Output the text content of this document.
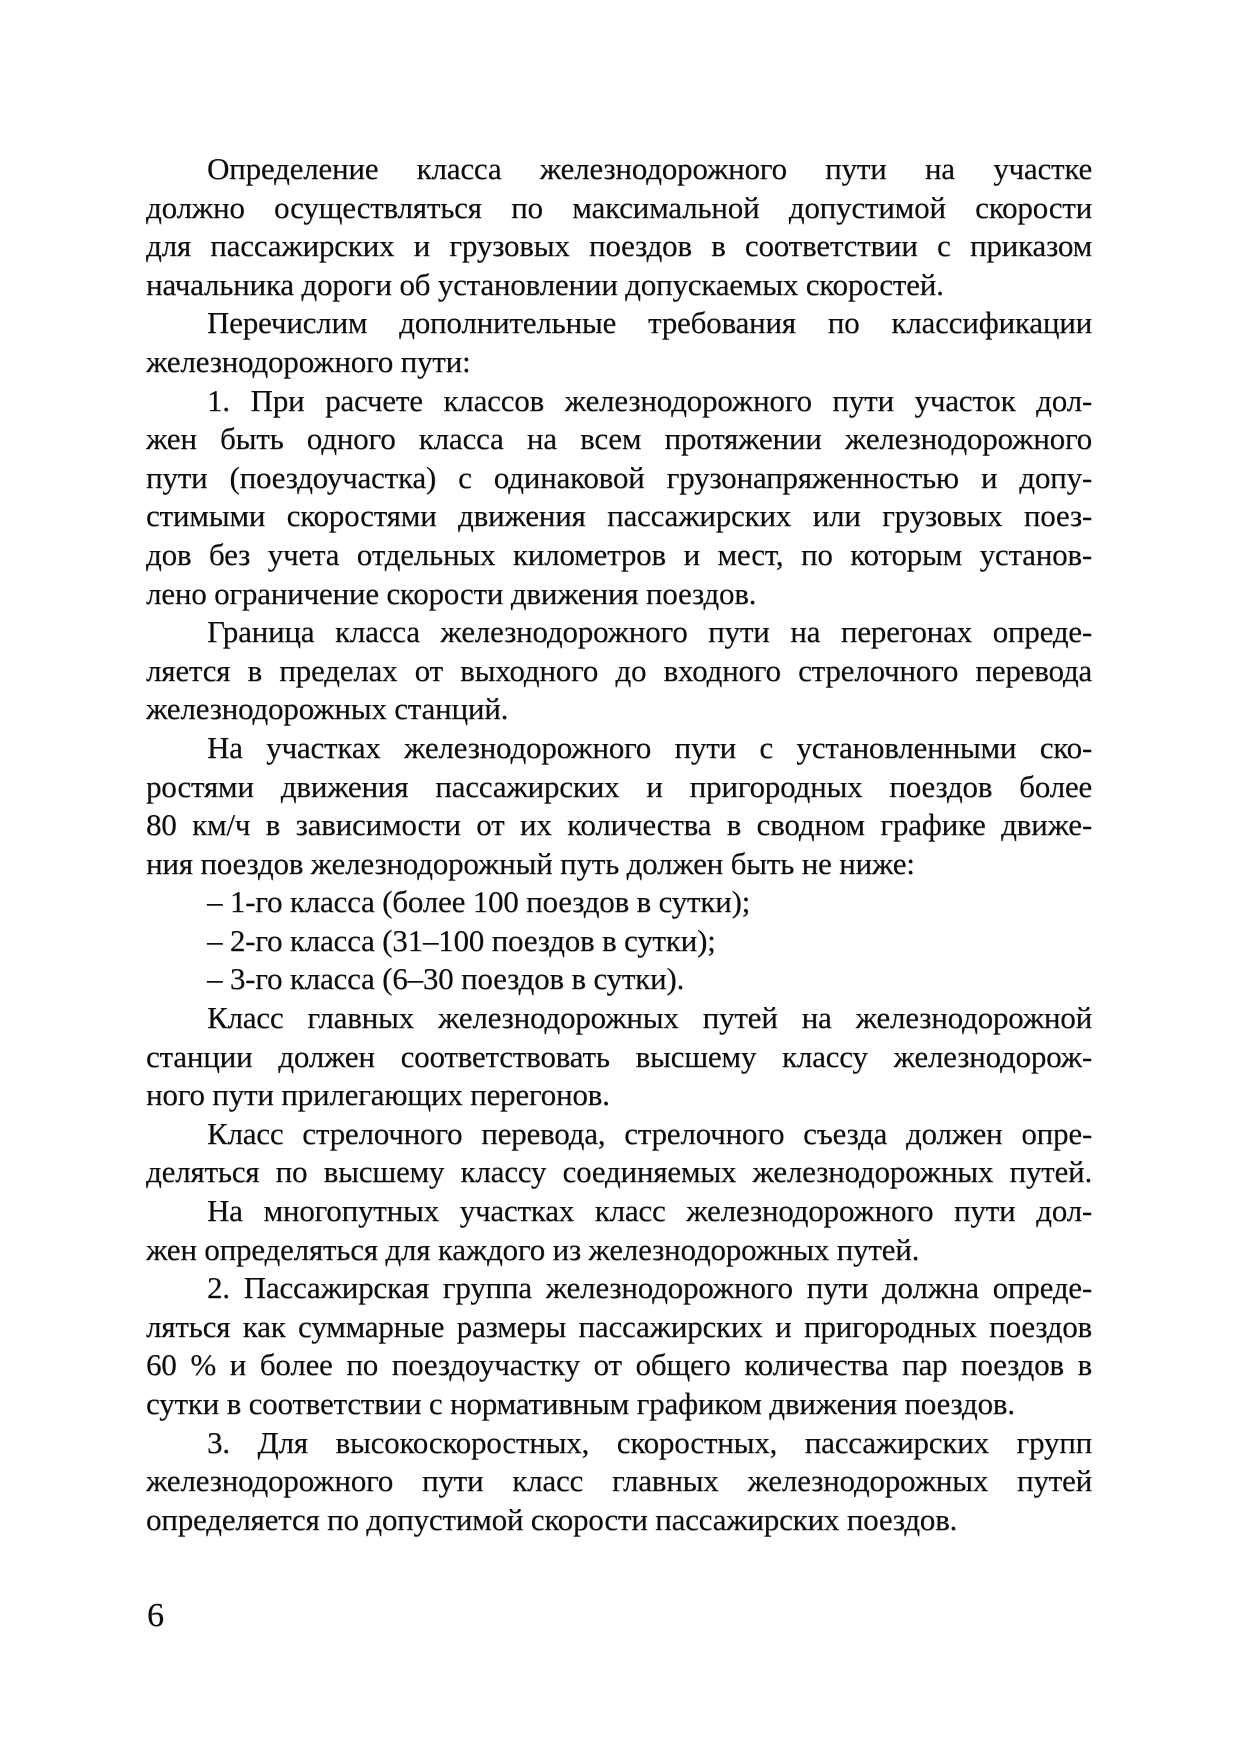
Определение класса железнодорожного пути на участке
должно осуществляться по максимальной допустимой скорости
для пассажирских и грузовых поездов в соответствии с приказом
начальника дороги об установлении допускаемых скоростей.
Перечислим дополнительные требования по классификации
железнодорожного пути:
1. При расчете классов железнодорожного пути участок дол-
жен быть одного класса на всем протяжении железнодорожного
пути (поездоучастка) с одинаковой грузонапряженностью и допу-
стимыми скоростями движения пассажирских или грузовых поез-
дов без учета отдельных километров и мест, по которым установ-
лено ограничение скорости движения поездов.
Граница класса железнодорожного пути на перегонах опреде-
ляется в пределах от выходного до входного стрелочного перевода
железнодорожных станций.
На участках железнодорожного пути с установленными ско-
ростями движения пассажирских и пригородных поездов более
80 км/ч в зависимости от их количества в сводном графике движе-
ния поездов железнодорожный путь должен быть не ниже:
– 1-го класса (более 100 поездов в сутки);
– 2-го класса (31–100 поездов в сутки);
– 3-го класса (6–30 поездов в сутки).
Класс главных железнодорожных путей на железнодорожной
станции должен соответствовать высшему классу железнодорож-
ного пути прилегающих перегонов.
Класс стрелочного перевода, стрелочного съезда должен опре-
деляться по высшему классу соединяемых железнодорожных путей.
На многопутных участках класс железнодорожного пути дол-
жен определяться для каждого из железнодорожных путей.
2. Пассажирская группа железнодорожного пути должна опреде-
ляться как суммарные размеры пассажирских и пригородных поездов
60 % и более по поездоучастку от общего количества пар поездов в
сутки в соответствии с нормативным графиком движения поездов.
3. Для высокоскоростных, скоростных, пассажирских групп
железнодорожного пути класс главных железнодорожных путей
определяется по допустимой скорости пассажирских поездов.
6
